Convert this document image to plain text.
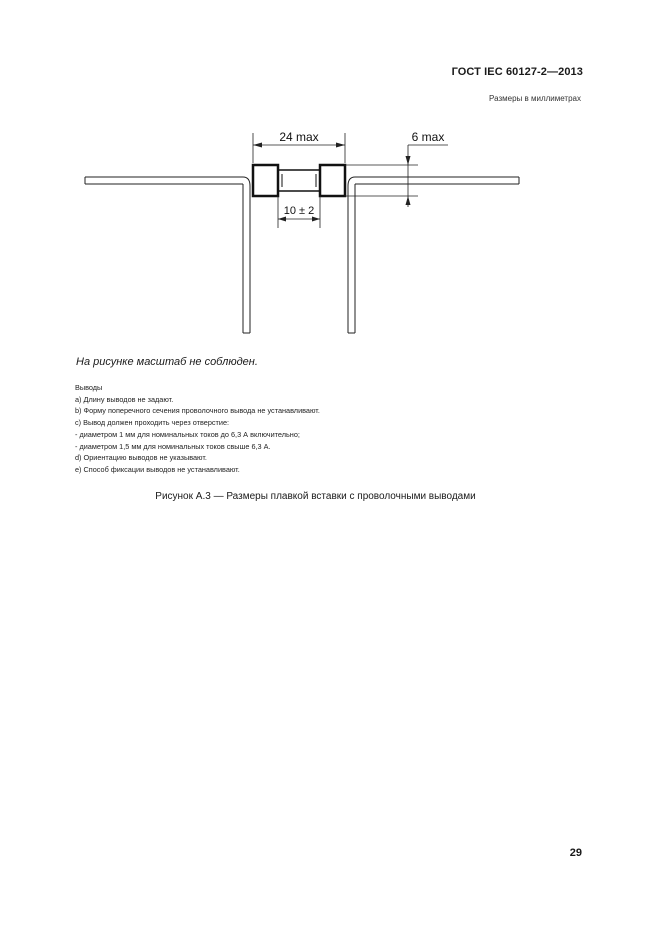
ГОСТ IEC 60127-2—2013
Размеры в миллиметрах
24 max	6 max
10 ± 2
На рисунке масштаб не соблюден.
Выводы
a) Длину выводов не задают.
b) Форму поперечного сечения проволочного вывода не устанавливают.
c) Вывод должен проходить через отверстие:
- диаметром 1 мм для номинальных токов до 6,3 А включительно;
- диаметром 1,5 мм для номинальных токов свыше 6,3 А.
d) Ориентацию выводов не указывают.
e) Способ фиксации выводов не устанавливают.
Рисунок А.3 — Размеры плавкой вставки с проволочными выводами
29
